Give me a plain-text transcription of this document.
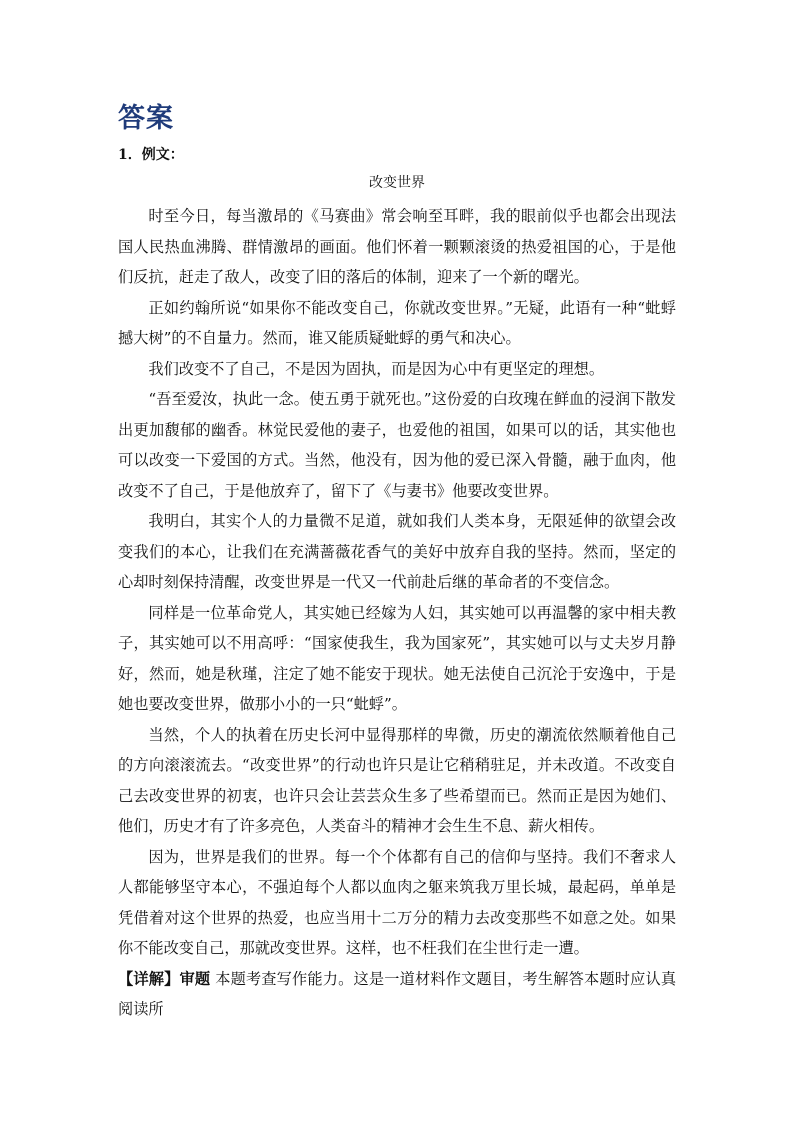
答案
1．例文：
改变世界

时至今日，每当激昂的《马赛曲》常会响至耳畔，我的眼前似乎也都会出现法国人民热血沸腾、群情激昂的画面。他们怀着一颗颗滚烫的热爱祖国的心，于是他们反抗，赶走了敌人，改变了旧的落后的体制，迎来了一个新的曙光。

正如约翰所说“如果你不能改变自己，你就改变世界。”无疑，此语有一种“蚍蜉撼大树”的不自量力。然而，谁又能质疑蚍蜉的勇气和决心。

我们改变不了自己，不是因为固执，而是因为心中有更坚定的理想。

“吾至爱汝，执此一念。使五勇于就死也。”这份爱的白玫瑰在鲜血的浸润下散发出更加馥郁的幽香。林觉民爱他的妻子，也爱他的祖国，如果可以的话，其实他也可以改变一下爱国的方式。当然，他没有，因为他的爱已深入骨髓，融于血肉，他改变不了自己，于是他放弃了，留下了《与妻书》他要改变世界。

我明白，其实个人的力量微不足道，就如我们人类本身，无限延伸的欲望会改变我们的本心，让我们在充满蔷薇花香气的美好中放弃自我的坚持。然而，坚定的心却时刻保持清醒，改变世界是一代又一代前赴后继的革命者的不变信念。

同样是一位革命党人，其实她已经嫁为人妇，其实她可以再温馨的家中相夫教子，其实她可以不用高呼：“国家使我生，我为国家死”，其实她可以与丈夫岁月静好，然而，她是秋瑾，注定了她不能安于现状。她无法使自己沉沦于安逸中，于是她也要改变世界，做那小小的一只“蚍蜉”。

当然，个人的执着在历史长河中显得那样的卑微，历史的潮流依然顺着他自己的方向滚滚流去。“改变世界”的行动也许只是让它稍稍驻足，并未改道。不改变自己去改变世界的初衷，也许只会让芸芸众生多了些希望而已。然而正是因为她们、他们，历史才有了许多亮色，人类奋斗的精神才会生生不息、薪火相传。

因为，世界是我们的世界。每一个个体都有自己的信仰与坚持。我们不奢求人人都能够坚守本心，不强迫每个人都以血肉之躯来筑我万里长城，最起码，单单是凭借着对这个世界的热爱，也应当用十二万分的精力去改变那些不如意之处。如果你不能改变自己，那就改变世界。这样，也不枉我们在尘世行走一遭。

【详解】审题 本题考查写作能力。这是一道材料作文题目，考生解答本题时应认真阅读所
